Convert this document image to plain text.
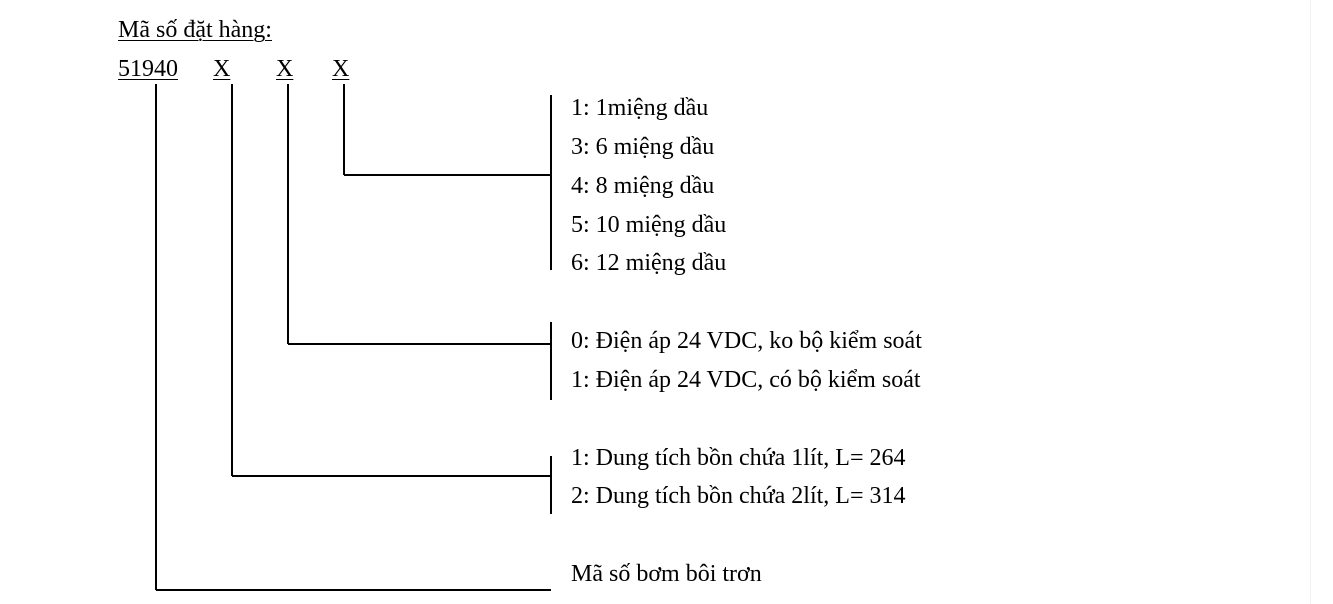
Mã số đặt hàng:
51940 X X X
1: 1miệng dầu
3: 6 miệng dầu
4: 8 miệng dầu
5: 10 miệng dầu
6: 12 miệng dầu
0: Điện áp 24 VDC, ko bộ kiểm soát
1: Điện áp 24 VDC, có bộ kiểm soát
1: Dung tích bồn chứa 1lít, L= 264
2: Dung tích bồn chứa 2lít, L= 314
Mã số bơm bôi trơn
